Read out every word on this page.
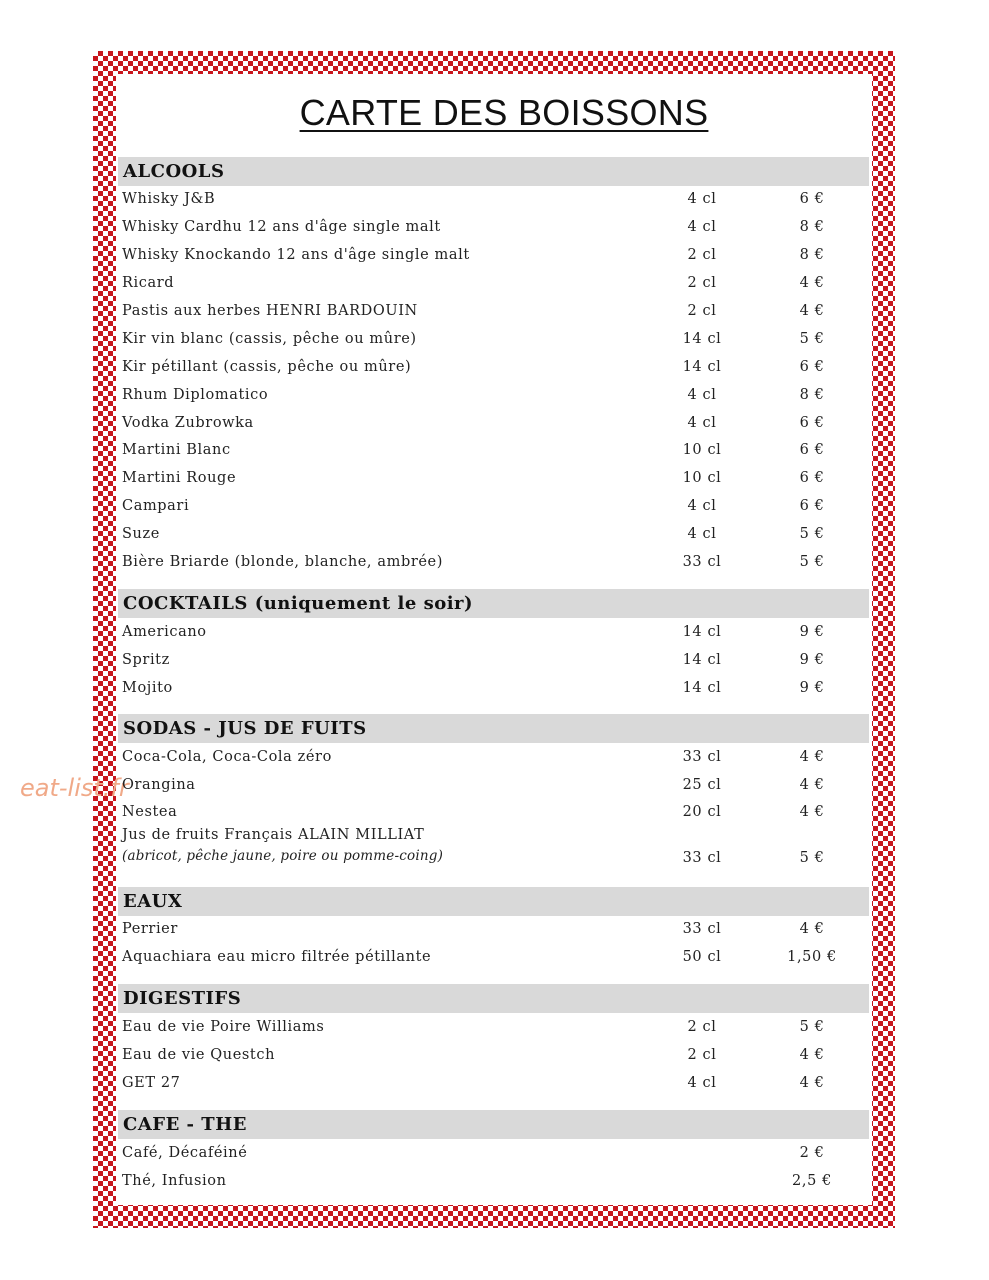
CARTE DES BOISSONS
eat-list.fr
ALCOOLS
Whisky J&B	4 cl	6 €
Whisky Cardhu 12 ans d'âge single malt	4 cl	8 €
Whisky Knockando 12 ans d'âge single malt	2 cl	8 €
Ricard	2 cl	4 €
Pastis aux herbes HENRI BARDOUIN	2 cl	4 €
Kir vin blanc (cassis, pêche ou mûre)	14 cl	5 €
Kir pétillant (cassis, pêche ou mûre)	14 cl	6 €
Rhum Diplomatico	4 cl	8 €
Vodka Zubrowka	4 cl	6 €
Martini Blanc	10 cl	6 €
Martini Rouge	10 cl	6 €
Campari	4 cl	6 €
Suze	4 cl	5 €
Bière Briarde (blonde, blanche, ambrée)	33 cl	5 €
COCKTAILS (uniquement le soir)
Americano	14 cl	9 €
Spritz	14 cl	9 €
Mojito	14 cl	9 €
SODAS - JUS DE FUITS
Coca-Cola, Coca-Cola zéro	33 cl	4 €
Orangina	25 cl	4 €
Nestea	20 cl	4 €
Jus de fruits Français ALAIN MILLIAT
(abricot, pêche jaune, poire ou pomme-coing)	33 cl	5 €
EAUX
Perrier	33 cl	4 €
Aquachiara eau micro filtrée pétillante	50 cl	1,50 €
DIGESTIFS
Eau de vie Poire Williams	2 cl	5 €
Eau de vie Questch	2 cl	4 €
GET 27	4 cl	4 €
CAFE - THE
Café, Décaféiné	2 €
Thé, Infusion	2,5 €
